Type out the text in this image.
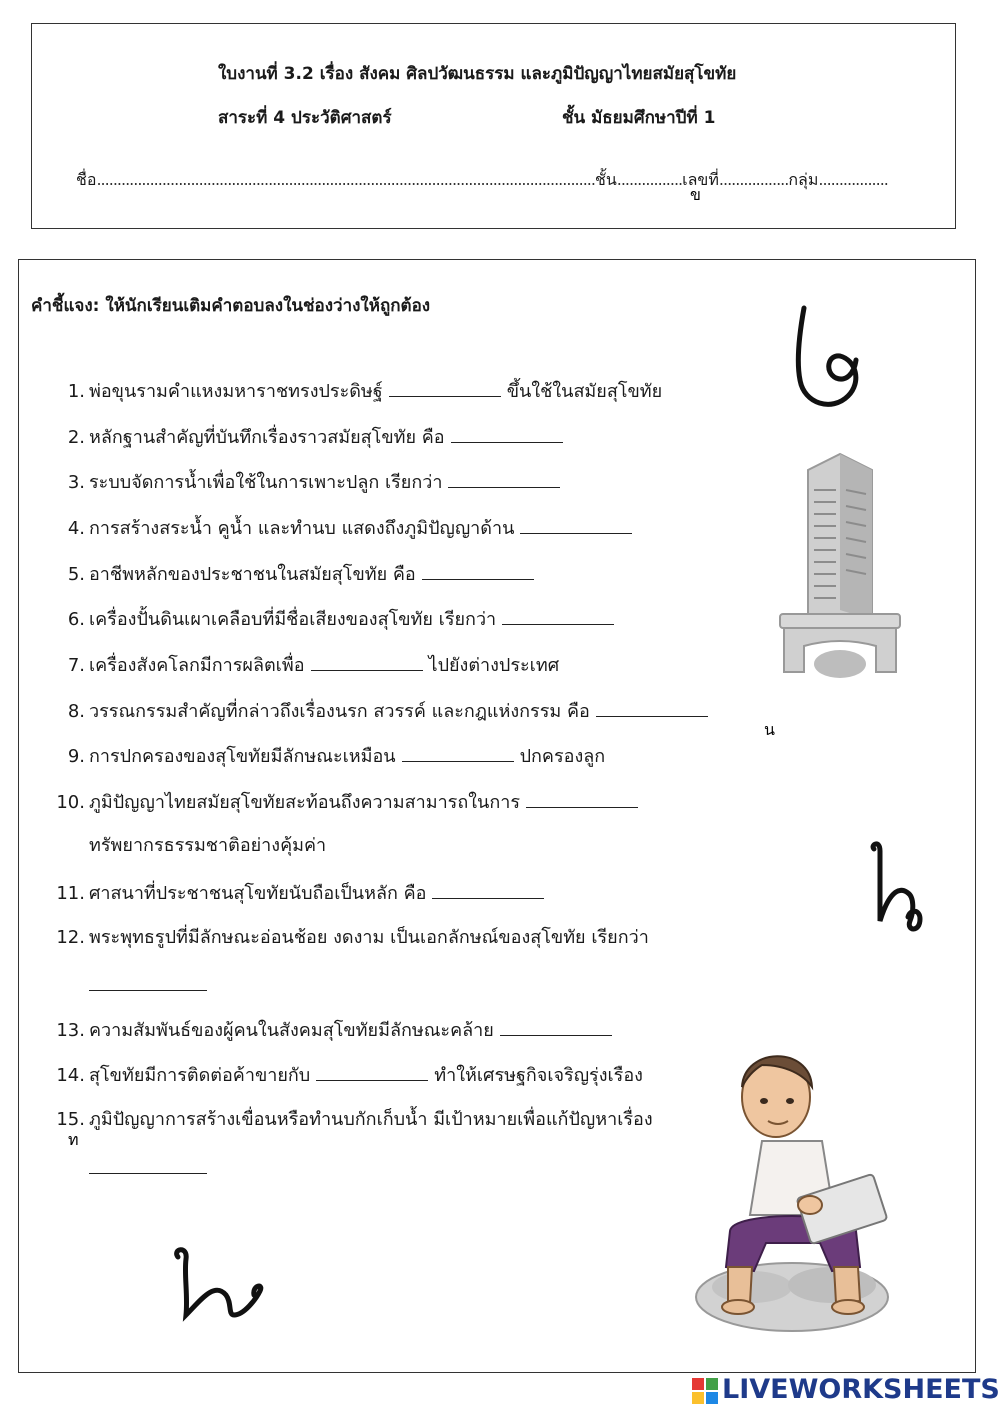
ใบงานที่ 3.2 เรื่อง สังคม ศิลปวัฒนธรรม และภูมิปัญญาไทยสมัยสุโขทัย
สาระที่ 4 ประวัติศาสตร์	ชั้น มัธยมศึกษาปีที่ 1
ชื่อ..........................................................................................................................ชั้น................เลขที่.................กลุ่ม.................
คำชี้แจง: ให้นักเรียนเติมคำตอบลงในช่องว่างให้ถูกต้อง
1. พ่อขุนรามคำแหงมหาราชทรงประดิษฐ์	ขึ้นใช้ในสมัยสุโขทัย
2. หลักฐานสำคัญที่บันทึกเรื่องราวสมัยสุโขทัย คือ
3. ระบบจัดการน้ำเพื่อใช้ในการเพาะปลูก เรียกว่า
4. การสร้างสระน้ำ คูน้ำ และทำนบ แสดงถึงภูมิปัญญาด้าน
5. อาชีพหลักของประชาชนในสมัยสุโขทัย คือ
6. เครื่องปั้นดินเผาเคลือบที่มีชื่อเสียงของสุโขทัย เรียกว่า
7. เครื่องสังคโลกมีการผลิตเพื่อ	ไปยังต่างประเทศ
8. วรรณกรรมสำคัญที่กล่าวถึงเรื่องนรก สวรรค์ และกฎแห่งกรรม คือ
9. การปกครองของสุโขทัยมีลักษณะเหมือน	ปกครองลูก
10. ภูมิปัญญาไทยสมัยสุโขทัยสะท้อนถึงความสามารถในการ
ทรัพยากรธรรมชาติอย่างคุ้มค่า
11. ศาสนาที่ประชาชนสุโขทัยนับถือเป็นหลัก คือ
12. พระพุทธรูปที่มีลักษณะอ่อนช้อย งดงาม เป็นเอกลักษณ์ของสุโขทัย เรียกว่า
13. ความสัมพันธ์ของผู้คนในสังคมสุโขทัยมีลักษณะคล้าย
14. สุโขทัยมีการติดต่อค้าขายกับ	ทำให้เศรษฐกิจเจริญรุ่งเรือง
15. ภูมิปัญญาการสร้างเขื่อนหรือทำนบกักเก็บน้ำ มีเป้าหมายเพื่อแก้ปัญหาเรื่อง
ข
น
ท
LIVEWORKSHEETS
